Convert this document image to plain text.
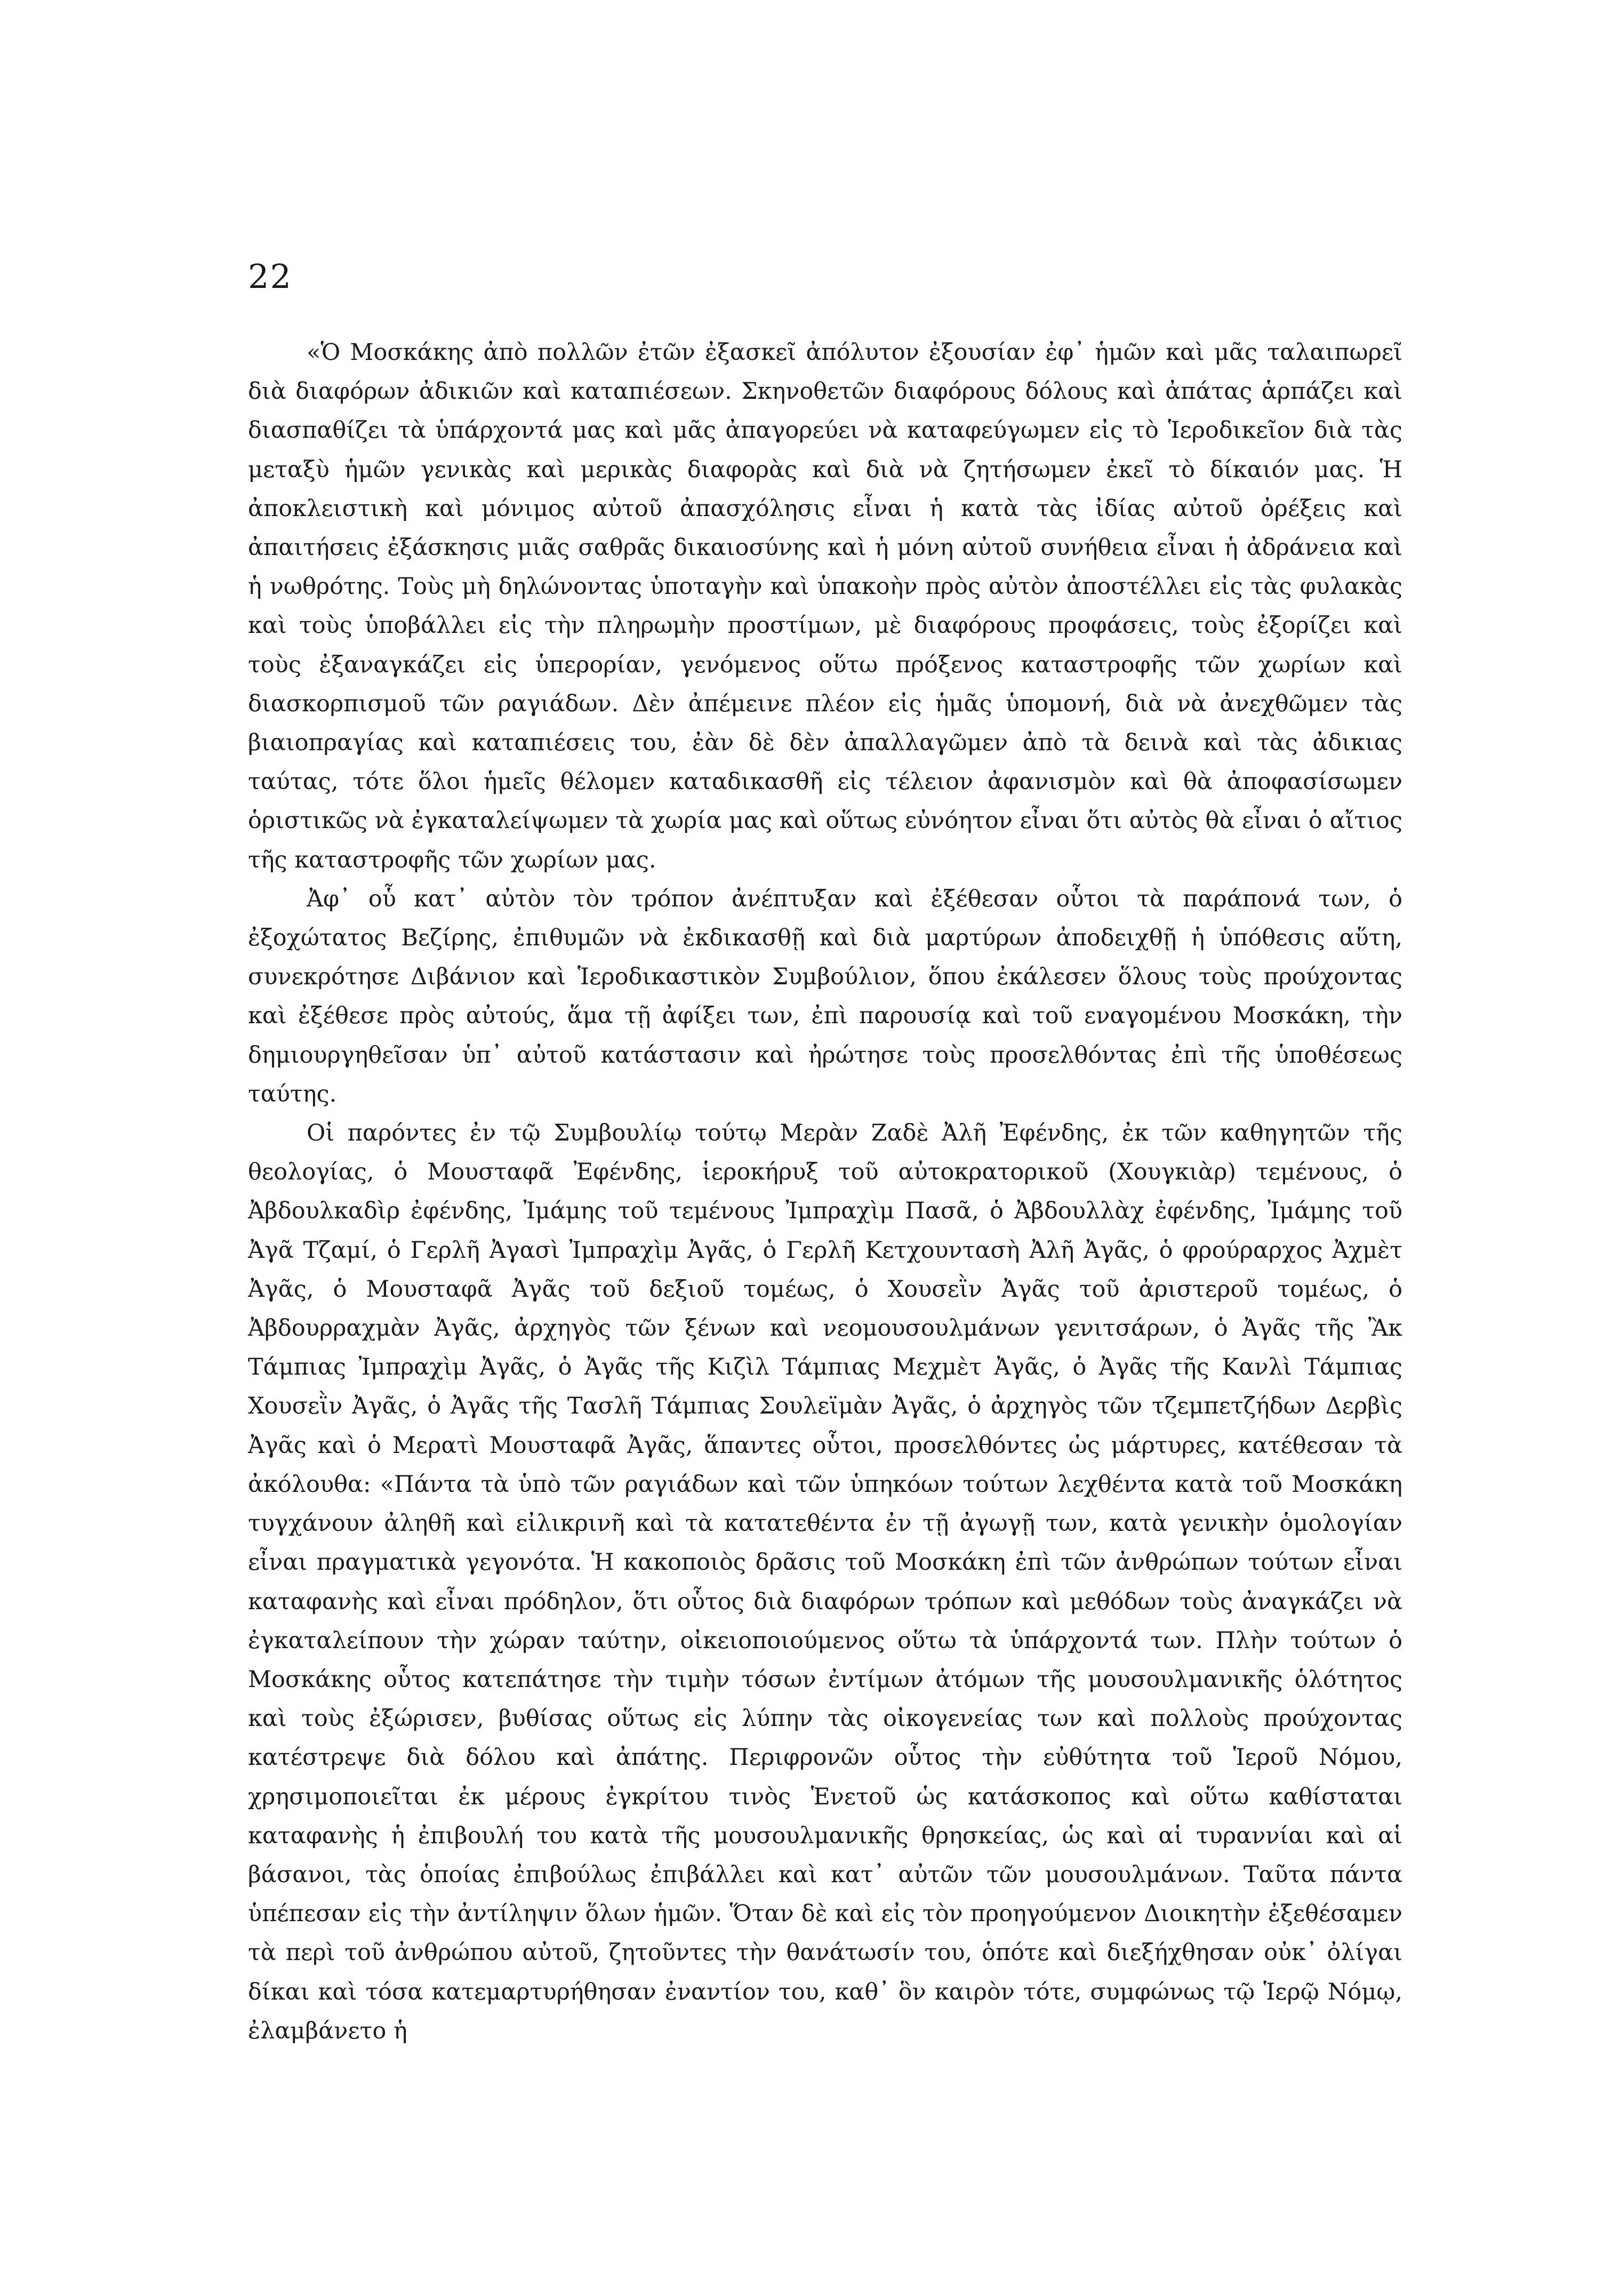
22

«Ὁ Μοσκάκης ἀπὸ πολλῶν ἐτῶν ἐξασκεῖ ἀπόλυτον ἐξουσίαν ἐφ᾽ ἡμῶν καὶ μᾶς ταλαιπωρεῖ διὰ διαφόρων ἀδικιῶν καὶ καταπιέσεων. Σκηνοθετῶν διαφόρους δόλους καὶ ἀπάτας ἁρπάζει καὶ διασπαθίζει τὰ ὑπάρχοντά μας καὶ μᾶς ἀπαγορεύει νὰ καταφεύγωμεν εἰς τὸ Ἱεροδικεῖον διὰ τὰς μεταξὺ ἡμῶν γενικὰς καὶ μερικὰς διαφορὰς καὶ διὰ νὰ ζητήσωμεν ἐκεῖ τὸ δίκαιόν μας. Ἡ ἀποκλειστικὴ καὶ μόνιμος αὐτοῦ ἀπασχόλησις εἶναι ἡ κατὰ τὰς ἰδίας αὐτοῦ ὀρέξεις καὶ ἀπαιτήσεις ἐξάσκησις μιᾶς σαθρᾶς δικαιοσύνης καὶ ἡ μόνη αὐτοῦ συνήθεια εἶναι ἡ ἀδράνεια καὶ ἡ νωθρότης. Τοὺς μὴ δηλώνοντας ὑποταγὴν καὶ ὑπακοὴν πρὸς αὐτὸν ἀποστέλλει εἰς τὰς φυλακὰς καὶ τοὺς ὑποβάλλει εἰς τὴν πληρωμὴν προστίμων, μὲ διαφόρους προφάσεις, τοὺς ἐξορίζει καὶ τοὺς ἐξαναγκάζει εἰς ὑπερορίαν, γενόμενος οὕτω πρόξενος καταστροφῆς τῶν χωρίων καὶ διασκορπισμοῦ τῶν ραγιάδων. Δὲν ἀπέμεινε πλέον εἰς ἡμᾶς ὑπομονή, διὰ νὰ ἀνεχθῶμεν τὰς βιαιοπραγίας καὶ καταπιέσεις του, ἐὰν δὲ δὲν ἀπαλλαγῶμεν ἀπὸ τὰ δεινὰ καὶ τὰς ἀδικιας ταύτας, τότε ὅλοι ἡμεῖς θέλομεν καταδικασθῆ εἰς τέλειον ἀφανισμὸν καὶ θὰ ἀποφασίσωμεν ὁριστικῶς νὰ ἐγκαταλείψωμεν τὰ χωρία μας καὶ οὕτως εὐνόητον εἶναι ὅτι αὐτὸς θὰ εἶναι ὁ αἴτιος τῆς καταστροφῆς τῶν χωρίων μας.

Ἀφ᾽ οὗ κατ᾽ αὐτὸν τὸν τρόπον ἀνέπτυξαν καὶ ἐξέθεσαν οὗτοι τὰ παράπονά των, ὁ ἐξοχώτατος Βεζίρης, ἐπιθυμῶν νὰ ἐκδικασθῇ καὶ διὰ μαρτύρων ἀποδειχθῇ ἡ ὑπόθεσις αὕτη, συνεκρότησε Διβάνιον καὶ Ἱεροδικαστικὸν Συμβούλιον, ὅπου ἐκάλεσεν ὅλους τοὺς προύχοντας καὶ ἐξέθεσε πρὸς αὐτούς, ἅμα τῇ ἀφίξει των, ἐπὶ παρουσίᾳ καὶ τοῦ εναγομένου Μοσκάκη, τὴν δημιουργηθεῖσαν ὑπ᾽ αὐτοῦ κατάστασιν καὶ ἠρώτησε τοὺς προσελθόντας ἐπὶ τῆς ὑποθέσεως ταύτης.

Οἱ παρόντες ἐν τῷ Συμβουλίῳ τούτῳ Μερὰν Ζαδὲ Ἀλῆ Ἐφένδης, ἐκ τῶν καθηγητῶν τῆς θεολογίας, ὁ Μουσταφᾶ Ἐφένδης, ἱεροκήρυξ τοῦ αὐτοκρατορικοῦ (Χουγκιὰρ) τεμένους, ὁ Ἀβδουλκαδὶρ ἐφένδης, Ἰμάμης τοῦ τεμένους Ἰμπραχὶμ Πασᾶ, ὁ Ἀβδουλλὰχ ἐφένδης, Ἰμάμης τοῦ Ἀγᾶ Τζαμί, ὁ Γερλῆ Ἀγασὶ Ἰμπραχὶμ Ἀγᾶς, ὁ Γερλῆ Κετχουντασὴ Ἀλῆ Ἀγᾶς, ὁ φρούραρχος Ἀχμὲτ Ἀγᾶς, ὁ Μουσταφᾶ Ἀγᾶς τοῦ δεξιοῦ τομέως, ὁ Χουσεῒν Ἀγᾶς τοῦ ἀριστεροῦ τομέως, ὁ Ἀβδουρραχμὰν Ἀγᾶς, ἀρχηγὸς τῶν ξένων καὶ νεομουσουλμάνων γενιτσάρων, ὁ Ἀγᾶς τῆς Ἂκ Τάμπιας Ἰμπραχὶμ Ἀγᾶς, ὁ Ἀγᾶς τῆς Κιζὶλ Τάμπιας Μεχμὲτ Ἀγᾶς, ὁ Ἀγᾶς τῆς Κανλὶ Τάμπιας Χουσεῒν Ἀγᾶς, ὁ Ἀγᾶς τῆς Τασλῆ Τάμπιας Σουλεϊμὰν Ἀγᾶς, ὁ ἀρχηγὸς τῶν τζεμπετζήδων Δερβὶς Ἀγᾶς καὶ ὁ Μερατὶ Μουσταφᾶ Ἀγᾶς, ἅπαντες οὗτοι, προσελθόντες ὡς μάρτυρες, κατέθεσαν τὰ ἀκόλουθα: «Πάντα τὰ ὑπὸ τῶν ραγιάδων καὶ τῶν ὑπηκόων τούτων λεχθέντα κατὰ τοῦ Μοσκάκη τυγχάνουν ἀληθῆ καὶ εἰλικρινῆ καὶ τὰ κατατεθέντα ἐν τῇ ἀγωγῇ των, κατὰ γενικὴν ὁμολογίαν εἶναι πραγματικὰ γεγονότα. Ἡ κακοποιὸς δρᾶσις τοῦ Μοσκάκη ἐπὶ τῶν ἀνθρώπων τούτων εἶναι καταφανὴς καὶ εἶναι πρόδηλον, ὅτι οὗτος διὰ διαφόρων τρόπων καὶ μεθόδων τοὺς ἀναγκάζει νὰ ἐγκαταλείπουν τὴν χώραν ταύτην, οἰκειοποιούμενος οὕτω τὰ ὑπάρχοντά των. Πλὴν τούτων ὁ Μοσκάκης οὗτος κατεπάτησε τὴν τιμὴν τόσων ἐντίμων ἀτόμων τῆς μουσουλμανικῆς ὁλότητος καὶ τοὺς ἐξώρισεν, βυθίσας οὕτως εἰς λύπην τὰς οἰκογενείας των καὶ πολλοὺς προύχοντας κατέστρεψε διὰ δόλου καὶ ἀπάτης. Περιφρονῶν οὗτος τὴν εὐθύτητα τοῦ Ἱεροῦ Νόμου, χρησιμοποιεῖται ἐκ μέρους ἐγκρίτου τινὸς Ἑνετοῦ ὡς κατάσκοπος καὶ οὕτω καθίσταται καταφανὴς ἡ ἐπιβουλή του κατὰ τῆς μουσουλμανικῆς θρησκείας, ὡς καὶ αἱ τυραννίαι καὶ αἱ βάσανοι, τὰς ὁποίας ἐπιβούλως ἐπιβάλλει καὶ κατ᾽ αὐτῶν τῶν μουσουλμάνων. Ταῦτα πάντα ὑπέπεσαν εἰς τὴν ἀντίληψιν ὅλων ἡμῶν. Ὅταν δὲ καὶ εἰς τὸν προηγούμενον Διοικητὴν ἐξεθέσαμεν τὰ περὶ τοῦ ἀνθρώπου αὐτοῦ, ζητοῦντες τὴν θανάτωσίν του, ὁπότε καὶ διεξήχθησαν οὐκ᾽ ὀλίγαι δίκαι καὶ τόσα κατεμαρτυρήθησαν ἐναντίον του, καθ᾽ ὃν καιρὸν τότε, συμφώνως τῷ Ἱερῷ Νόμῳ, ἐλαμβάνετο ἡ
